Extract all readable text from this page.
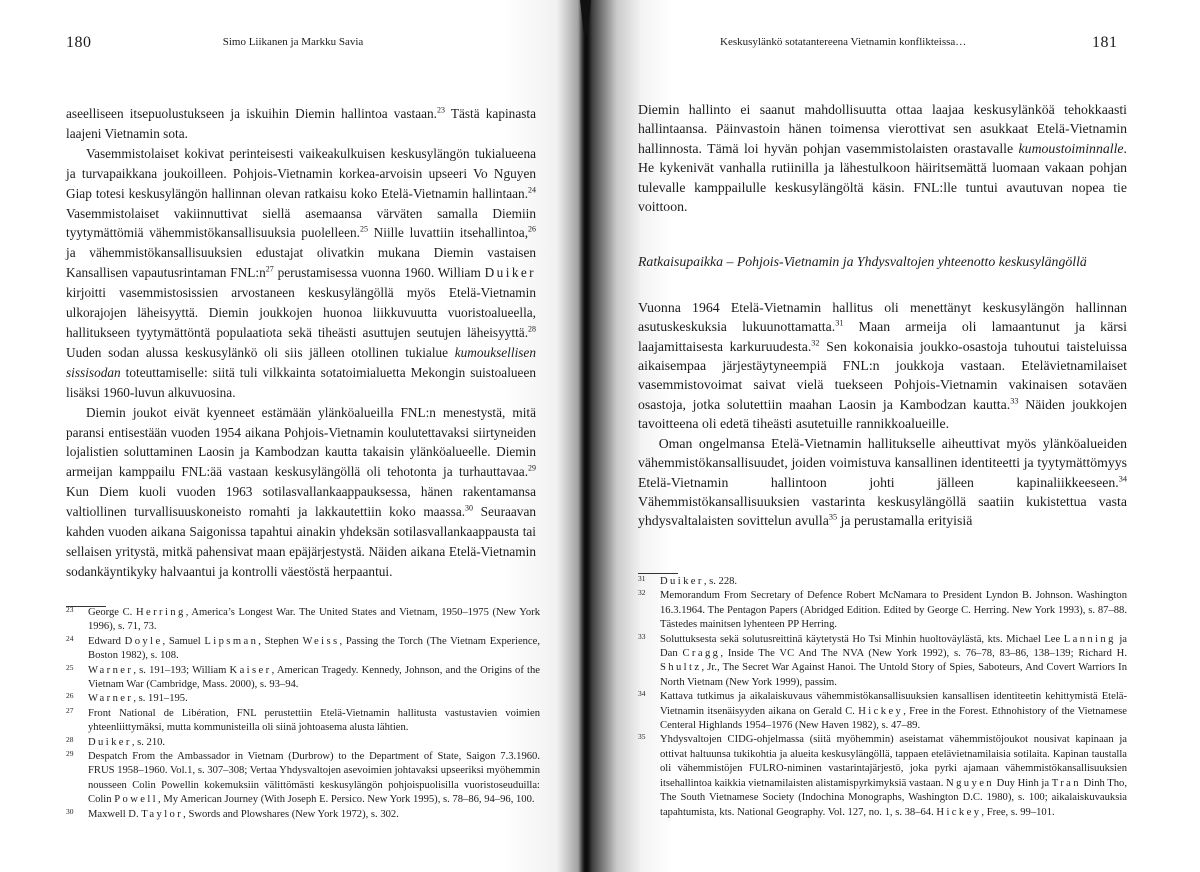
180	Simo Liikanen ja Markku Savia

aseelliseen itsepuolustukseen ja iskuihin Diemin hallintoa vastaan.$^{23}$ Tästä kapinasta laajeni Vietnamin sota.

Vasemmistolaiset kokivat perinteisesti vaikeakulkuisen keskusylängön tukialueena ja turvapaikkana joukoilleen. Pohjois-Vietnamin korkea-arvoisin upseeri Vo Nguyen Giap totesi keskusylängön hallinnan olevan ratkaisu koko Etelä-Vietnamin hallintaan.$^{24}$ Vasemmistolaiset vakiinnuttivat siellä asemaansa värväten samalla Diemiin tyytymättömiä vähemmistökansallisuuksia puolelleen.$^{25}$ Niille luvattiin itsehallintoa,$^{26}$ ja vähemmistökansallisuuksien edustajat olivatkin mukana Diemin vastaisen Kansallisen vapautusrintaman $FNL:n^{27}$ perustamisessa vuonna 1960. William Duiker kirjoitti vasemmistosissien arvostaneen keskusylängöllä myös Etelä-Vietnamin ulkorajojen läheisyyttä. Diemin joukkojen huonoa liikkuvuutta vuoristoalueella, hallitukseen tyytymättöntä populaatiota sekä tiheästi asuttujen seutujen läheisyyttä.$^{28}$ Uuden sodan alussa keskusylänkö oli siis jälleen otollinen tukialue kumouksellisen sissisodan toteuttamiselle: siitä tuli vilkkainta sotatoimialuetta Mekongin suistoalueen lisäksi 1960-luvun alkuvuosina.

Diemin joukot eivät kyenneet estämään ylänköalueilla FNL:n menestystä, mitä paransi entisestään vuoden 1954 aikana Pohjois-Vietnamin koulutettavaksi siirtyneiden lojalistien soluttaminen Laosin ja Kambodzan kautta takaisin ylänköalueelle. Diemin armeijan kamppailu FNL:ää vastaan keskusylängöllä oli tehotonta ja turhauttavaa.$^{29}$ Kun Diem kuoli vuoden 1963 sotilasvallankaappauksessa, hänen rakentamansa valtiollinen turvallisuuskoneisto romahti ja lakkautettiin koko maassa.$^{30}$ Seuraavan kahden vuoden aikana Saigonissa tapahtui ainakin yhdeksän sotilasvallankaappausta tai sellaisen yritystä, mitkä pahensivat maan epäjärjestystä. Näiden aikana Etelä-Vietnamin sodankäyntikyky halvaantui ja kontrolli väestöstä herpaantui.

23 George C. Herring, America’s Longest War. The United States and Vietnam, 1950–1975 (New York 1996), s. 71, 73.
24 Edward Doyle, Samuel Lipsman, Stephen Weiss, Passing the Torch (The Vietnam Experience, Boston 1982), s. 108.
25 Warner, s. 191–193; William Kaiser, American Tragedy. Kennedy, Johnson, and the Origins of the Vietnam War (Cambridge, Mass. 2000), s. 93–94.
26 Warner, s. 191–195.
27 Front National de Libération, FNL perustettiin Etelä-Vietnamin hallitusta vastustavien voimien yhteenliittymäksi, mutta kommunisteilla oli siinä johtoasema alusta lähtien.
28 Duiker, s. 210.
29 Despatch From the Ambassador in Vietnam (Durbrow) to the Department of State, Saigon 7.3.1960. FRUS 1958–1960. Vol.1, s. 307–308; Vertaa Yhdysvaltojen asevoimien johtavaksi upseeriksi myöhemmin nousseen Colin Powellin kokemuksiin välittömästi keskusylängön pohjoispuolisilla vuoristoseuduilla: Colin Powell, My American Journey (With Joseph E. Persico. New York 1995), s. 78–86, 94–96, 100.
30 Maxwell D. Taylor, Swords and Plowshares (New York 1972), s. 302.
Keskusylänkö sotatantereena Vietnamin konflikteissa…	181

Diemin hallinto ei saanut mahdollisuutta ottaa laajaa keskusylänköä tehokkaasti hallintaansa. Päinvastoin hänen toimensa vierottivat sen asukkaat Etelä-Vietnamin hallinnosta. Tämä loi hyvän pohjan vasemmistolaisten orastavalle kumoustoiminnalle. He kykenivät vanhalla rutiinilla ja lähestulkoon häiritsemättä luomaan vakaan pohjan tulevalle kamppailulle keskusylängöltä käsin. FNL:lle tuntui avautuvan nopea tie voittoon.

Ratkaisupaikka – Pohjois-Vietnamin ja Yhdysvaltojen yhteenotto keskusylängöllä

Vuonna 1964 Etelä-Vietnamin hallitus oli menettänyt keskusylängön hallinnan asutuskeskuksia lukuunottamatta.$^{31}$ Maan armeija oli lamaantunut ja kärsi laajamittaisesta karkuruudesta.$^{32}$ Sen kokonaisia joukko-osastoja tuhoutui taisteluissa aikaisempaa järjestäytyneempiä FNL:n joukkoja vastaan. Etelävietnamilaiset vasemmistovoimat saivat vielä tuekseen Pohjois-Vietnamin vakinaisen sotaväen osastoja, jotka solutettiin maahan Laosin ja Kambodzan kautta.$^{33}$ Näiden joukkojen tavoitteena oli edetä tiheästi asutetuille rannikkoalueille.

Oman ongelmansa Etelä-Vietnamin hallitukselle aiheuttivat myös ylänköalueiden vähemmistökansallisuudet, joiden voimistuva kansallinen identiteetti ja tyytymättömyys Etelä-Vietnamin hallintoon johti jälleen kapinaliikkeeseen.$^{34}$ Vähemmistökansallisuuksien vastarinta keskusylängöllä saatiin kukistettua vasta yhdysvaltalaisten sovittelun avulla$^{35}$ ja perustamalla erityisiä

31 Duiker, s. 228.
32 Memorandum From Secretary of Defence Robert McNamara to President Lyndon B. Johnson. Washington 16.3.1964. The Pentagon Papers (Abridged Edition. Edited by George C. Herring. New York 1993), s. 87–88. Tästedes mainitsen lyhenteen PP Herring.
33 Soluttuksesta sekä solutusreittinä käytetystä Ho Tsi Minhin huoltoväylästä, kts. Michael Lee Lanning ja Dan Cragg, Inside The VC And The NVA (New York 1992), s. 76–78, 83–86, 138–139; Richard H. Shultz, Jr., The Secret War Against Hanoi. The Untold Story of Spies, Saboteurs, And Covert Warriors In North Vietnam (New York 1999), passim.
34 Kattava tutkimus ja aikalaiskuvaus vähemmistökansallisuuksien kansallisen identiteetin kehittymistä Etelä-Vietnamin itsenäisyyden aikana on Gerald C. Hickey, Free in the Forest. Ethnohistory of the Vietnamese Centeral Highlands 1954–1976 (New Haven 1982), s. 47–89.
35 Yhdysvaltojen CIDG-ohjelmassa (siitä myöhemmin) aseistamat vähemmistöjoukot nousivat kapinaan ja ottivat haltuunsa tukikohtia ja alueita keskusylängöllä, tappaen etelävietnamilaisia sotilaita. Kapinan taustalla oli vähemmistöjen FULRO-niminen vastarintajärjestö, joka pyrki ajamaan vähemmistökansallisuuksien itsehallintoa kaikkia vietnamilaisten alistamispyrkimyksiä vastaan. Nguyen Duy Hinh ja Tran Dinh Tho, The South Vietnamese Society (Indochina Monographs, Washington D.C. 1980), s. 100; aikalaiskuvauksia tapahtumista, kts. National Geography. Vol. 127, no. 1, s. 38–64. Hickey, Free, s. 99–101.
